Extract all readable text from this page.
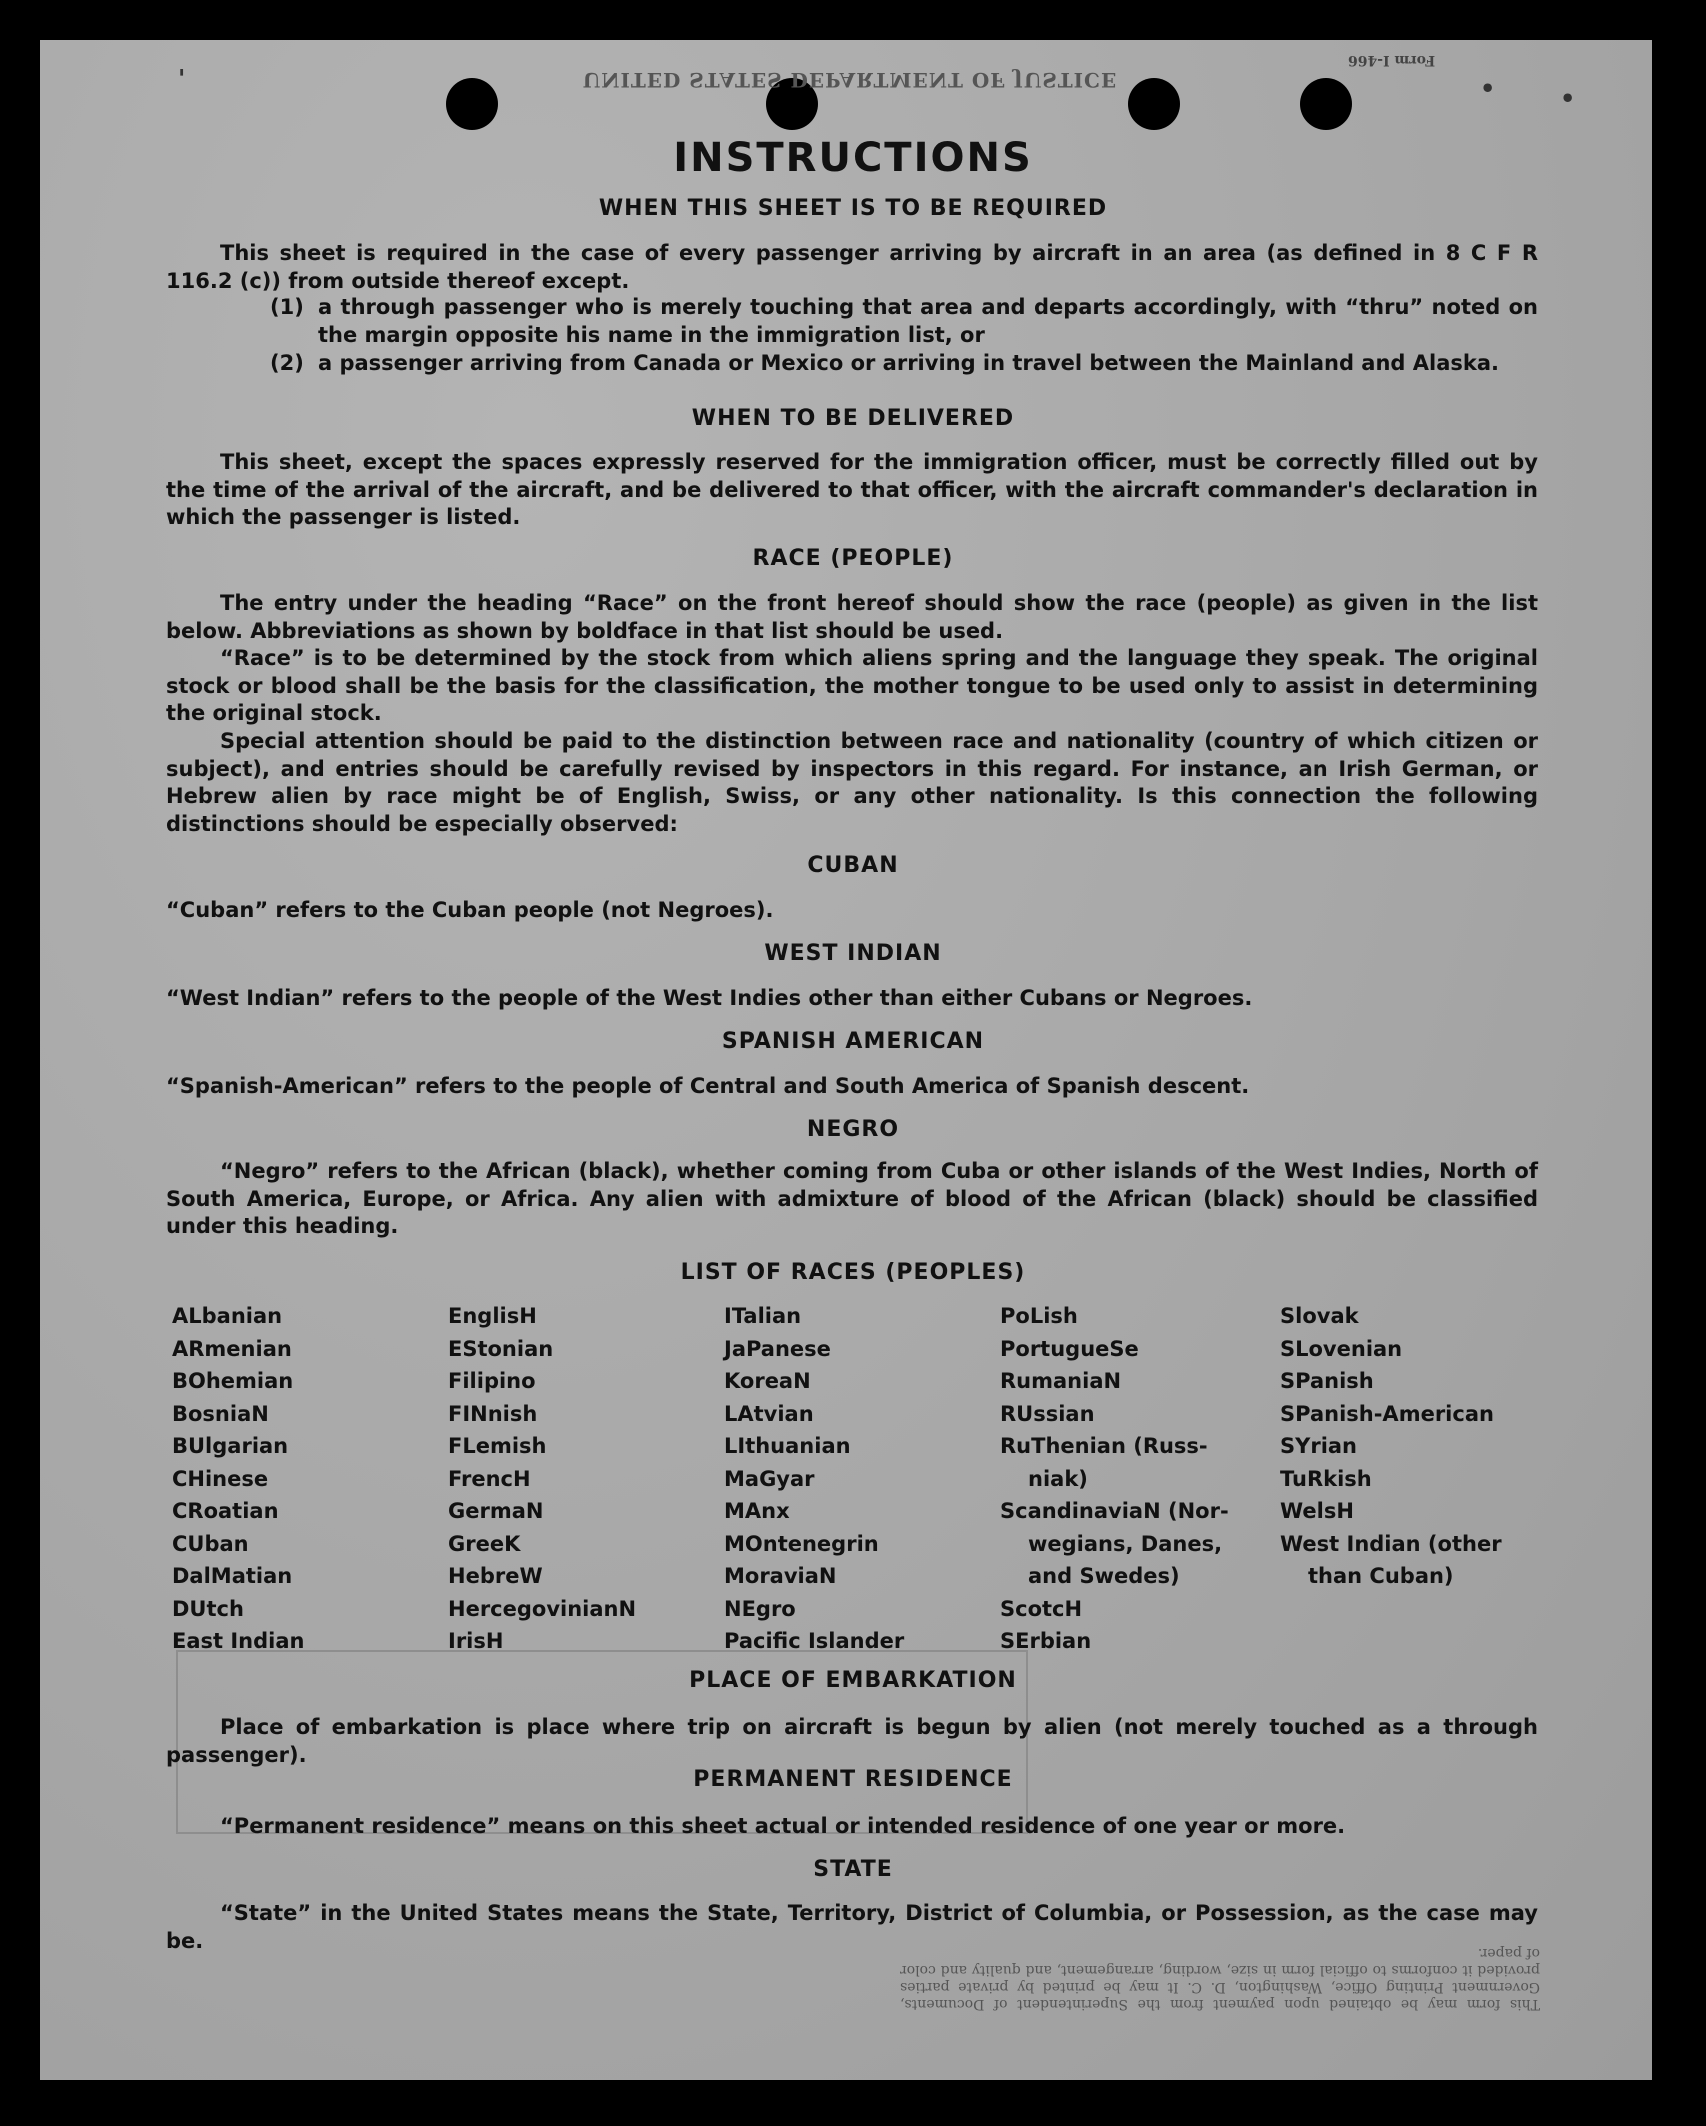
UNITED STATES DEPARTMENT OF JUSTICE
Form I-466
INSTRUCTIONS
WHEN THIS SHEET IS TO BE REQUIRED
This sheet is required in the case of every passenger arriving by aircraft in an area (as defined in 8 C F R 116.2 (c)) from outside thereof except.
(1) a through passenger who is merely touching that area and departs accordingly, with “thru” noted on the margin opposite his name in the immigration list, or
(2) a passenger arriving from Canada or Mexico or arriving in travel between the Mainland and Alaska.
WHEN TO BE DELIVERED
This sheet, except the spaces expressly reserved for the immigration officer, must be correctly filled out by the time of the arrival of the aircraft, and be delivered to that officer, with the aircraft commander's declaration in which the passenger is listed.
RACE (PEOPLE)
The entry under the heading “Race” on the front hereof should show the race (people) as given in the list below. Abbreviations as shown by boldface in that list should be used.
“Race” is to be determined by the stock from which aliens spring and the language they speak. The original stock or blood shall be the basis for the classification, the mother tongue to be used only to assist in determining the original stock.
Special attention should be paid to the distinction between race and nationality (country of which citizen or subject), and entries should be carefully revised by inspectors in this regard. For instance, an Irish German, or Hebrew alien by race might be of English, Swiss, or any other nationality. Is this connection the following distinctions should be especially observed:
CUBAN
“Cuban” refers to the Cuban people (not Negroes).
WEST INDIAN
“West Indian” refers to the people of the West Indies other than either Cubans or Negroes.
SPANISH AMERICAN
“Spanish-American” refers to the people of Central and South America of Spanish descent.
NEGRO
“Negro” refers to the African (black), whether coming from Cuba or other islands of the West Indies, North of South America, Europe, or Africa. Any alien with admixture of blood of the African (black) should be classified under this heading.
LIST OF RACES (PEOPLES)
ALbanian
ARmenian
BOhemian
BosniaN
BUlgarian
CHinese
CRoatian
CUban
DalMatian
DUtch
East Indian
EnglisH
EStonian
Filipino
FINnish
FLemish
FrencH
GermaN
GreeK
HebreW
HercegovinianN
IrisH
ITalian
JaPanese
KoreaN
LAtvian
LIthuanian
MaGyar
MAnx
MOntenegrin
MoraviaN
NEgro
Pacific Islander
PoLish
PortugueSe
RumaniaN
RUssian
RuThenian (Russ-
niak)
ScandinaviaN (Nor-
wegians, Danes,
and Swedes)
ScotcH
SErbian
Slovak
SLovenian
SPanish
SPanish-American
SYrian
TuRkish
WelsH
West Indian (other
than Cuban)
PLACE OF EMBARKATION
Place of embarkation is place where trip on aircraft is begun by alien (not merely touched as a through passenger).
PERMANENT RESIDENCE
“Permanent residence” means on this sheet actual or intended residence of one year or more.
STATE
“State” in the United States means the State, Territory, District of Columbia, or Possession, as the case may be.
This form may be obtained upon payment from the Superintendent of Documents, Government Printing Office, Washington, D. C. It may be printed by private parties provided it conforms to official form in size, wording, arrangement, and quality and color of paper.
'	•	•
